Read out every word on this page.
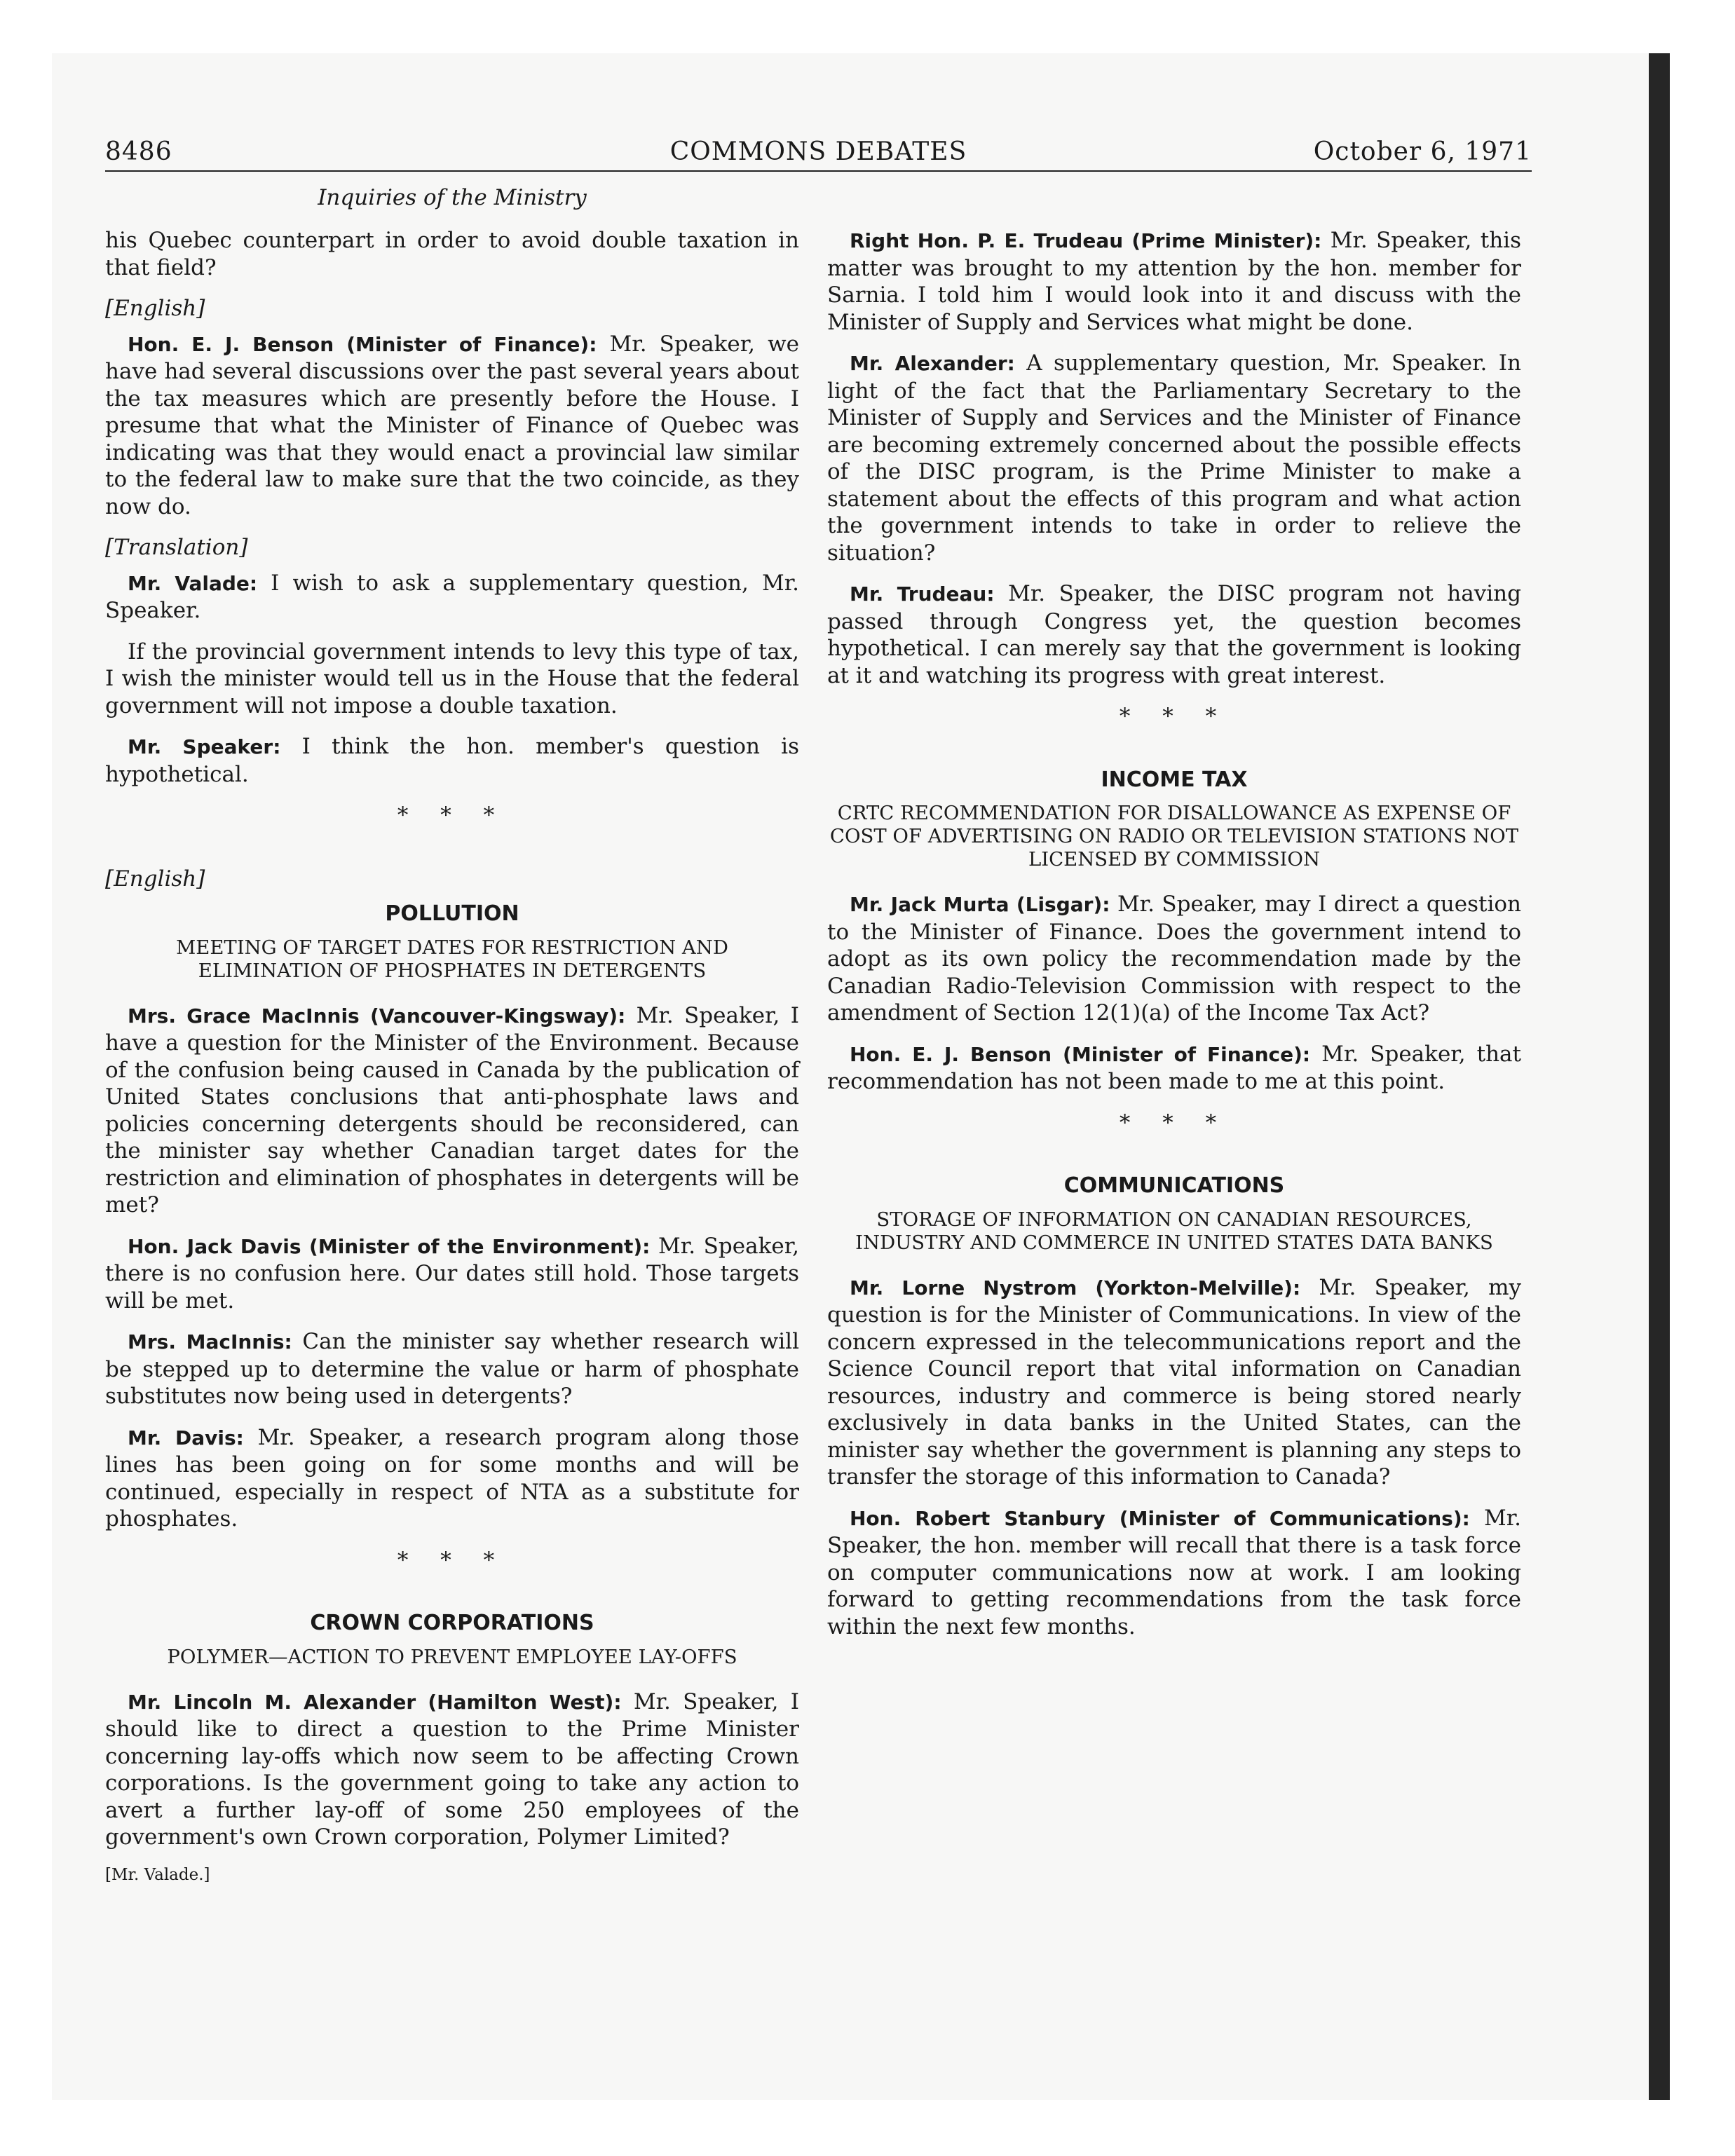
8486	COMMONS DEBATES	October 6, 1971
Inquiries of the Ministry

his Quebec counterpart in order to avoid double taxation in that field?

[English]

Hon. E. J. Benson (Minister of Finance): Mr. Speaker, we have had several discussions over the past several years about the tax measures which are presently before the House. I presume that what the Minister of Finance of Quebec was indicating was that they would enact a provincial law similar to the federal law to make sure that the two coincide, as they now do.

[Translation]

Mr. Valade: I wish to ask a supplementary question, Mr. Speaker.

If the provincial government intends to levy this type of tax, I wish the minister would tell us in the House that the federal government will not impose a double taxation.

Mr. Speaker: I think the hon. member's question is hypothetical.

* * *

[English]

POLLUTION

MEETING OF TARGET DATES FOR RESTRICTION AND ELIMINATION OF PHOSPHATES IN DETERGENTS

Mrs. Grace MacInnis (Vancouver-Kingsway): Mr. Speaker, I have a question for the Minister of the Environment. Because of the confusion being caused in Canada by the publication of United States conclusions that anti-phosphate laws and policies concerning detergents should be reconsidered, can the minister say whether Canadian target dates for the restriction and elimination of phosphates in detergents will be met?

Hon. Jack Davis (Minister of the Environment): Mr. Speaker, there is no confusion here. Our dates still hold. Those targets will be met.

Mrs. MacInnis: Can the minister say whether research will be stepped up to determine the value or harm of phosphate substitutes now being used in detergents?

Mr. Davis: Mr. Speaker, a research program along those lines has been going on for some months and will be continued, especially in respect of NTA as a substitute for phosphates.

* * *

CROWN CORPORATIONS

POLYMER—ACTION TO PREVENT EMPLOYEE LAY-OFFS

Mr. Lincoln M. Alexander (Hamilton West): Mr. Speaker, I should like to direct a question to the Prime Minister concerning lay-offs which now seem to be affecting Crown corporations. Is the government going to take any action to avert a further lay-off of some 250 employees of the government's own Crown corporation, Polymer Limited?

[Mr. Valade.]

Right Hon. P. E. Trudeau (Prime Minister): Mr. Speaker, this matter was brought to my attention by the hon. member for Sarnia. I told him I would look into it and discuss with the Minister of Supply and Services what might be done.

Mr. Alexander: A supplementary question, Mr. Speaker. In light of the fact that the Parliamentary Secretary to the Minister of Supply and Services and the Minister of Finance are becoming extremely concerned about the possible effects of the DISC program, is the Prime Minister to make a statement about the effects of this program and what action the government intends to take in order to relieve the situation?

Mr. Trudeau: Mr. Speaker, the DISC program not having passed through Congress yet, the question becomes hypothetical. I can merely say that the government is looking at it and watching its progress with great interest.

* * *

INCOME TAX

CRTC RECOMMENDATION FOR DISALLOWANCE AS EXPENSE OF COST OF ADVERTISING ON RADIO OR TELEVISION STATIONS NOT LICENSED BY COMMISSION

Mr. Jack Murta (Lisgar): Mr. Speaker, may I direct a question to the Minister of Finance. Does the government intend to adopt as its own policy the recommendation made by the Canadian Radio-Television Commission with respect to the amendment of Section 12(1)(a) of the Income Tax Act?

Hon. E. J. Benson (Minister of Finance): Mr. Speaker, that recommendation has not been made to me at this point.

* * *

COMMUNICATIONS

STORAGE OF INFORMATION ON CANADIAN RESOURCES, INDUSTRY AND COMMERCE IN UNITED STATES DATA BANKS

Mr. Lorne Nystrom (Yorkton-Melville): Mr. Speaker, my question is for the Minister of Communications. In view of the concern expressed in the telecommunications report and the Science Council report that vital information on Canadian resources, industry and commerce is being stored nearly exclusively in data banks in the United States, can the minister say whether the government is planning any steps to transfer the storage of this information to Canada?

Hon. Robert Stanbury (Minister of Communications): Mr. Speaker, the hon. member will recall that there is a task force on computer communications now at work. I am looking forward to getting recommendations from the task force within the next few months.
